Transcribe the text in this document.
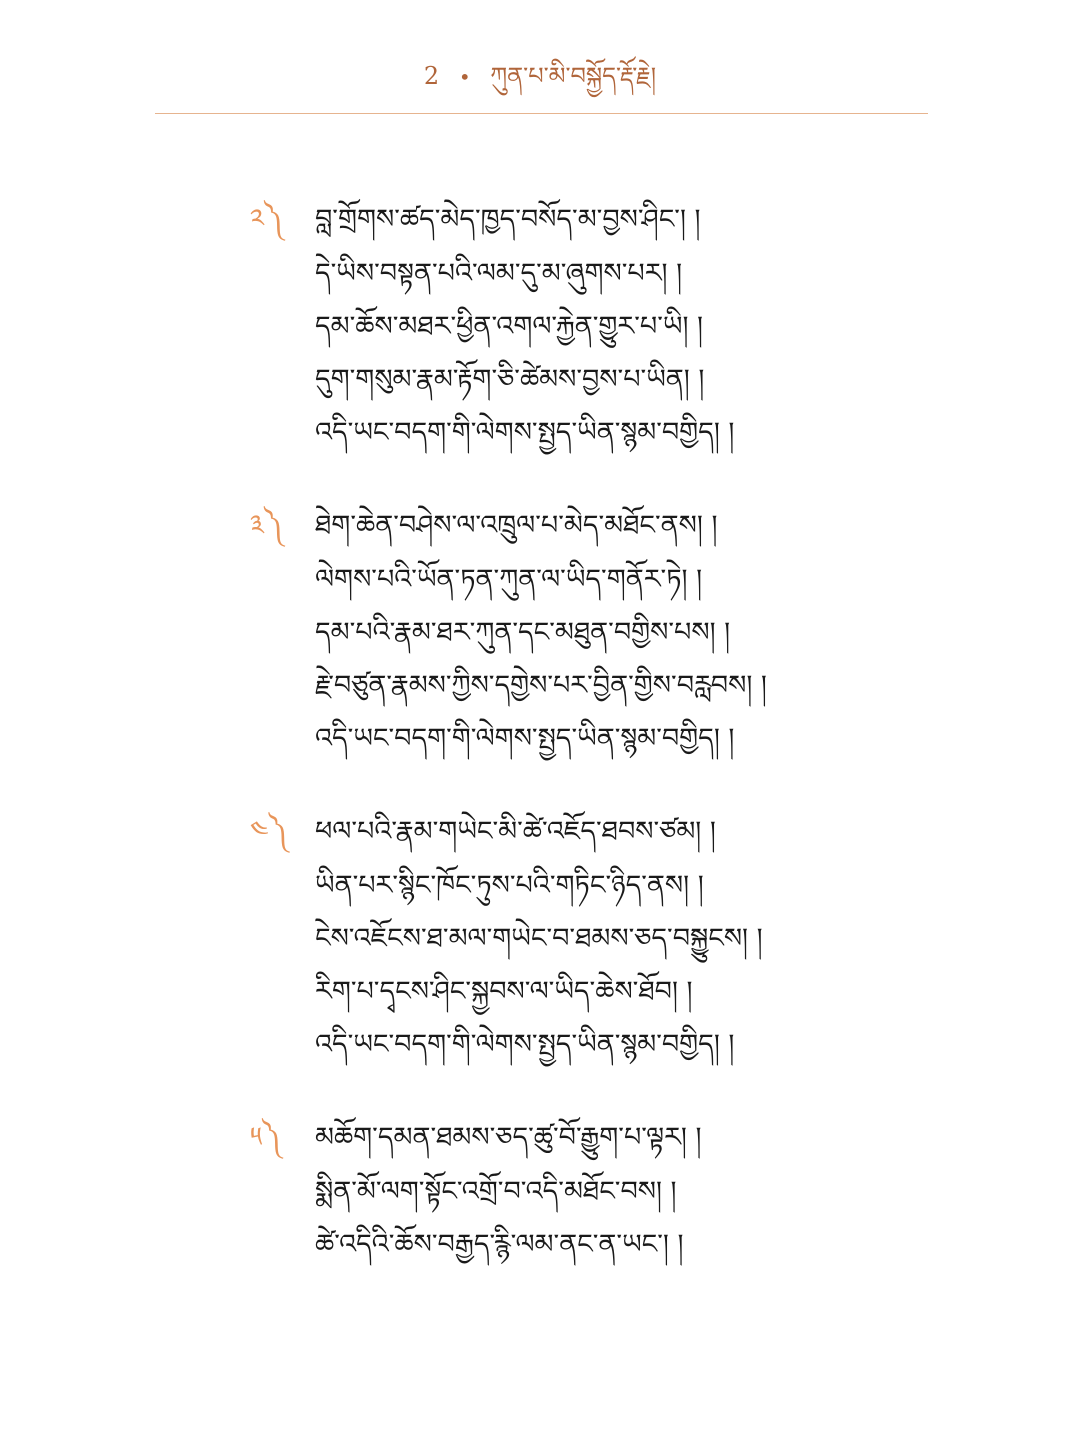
2 • ཀུན་པ་མི་བསྐྱོད་རྡོ་རྗེ།
༢༽	བླ་གྲོགས་ཚད་མེད་ཁྱད་བསོད་མ་བྱས་ཤིང་། །
དེ་ཡིས་བསྟན་པའི་ལམ་དུ་མ་ཞུགས་པར། །
དམ་ཆོས་མཐར་ཕྱིན་འགལ་རྐྱེན་གྱུར་པ་ཡི། །
དུག་གསུམ་རྣམ་རྟོག་ཅི་ཚེམས་བྱས་པ་ཡིན། །
འདི་ཡང་བདག་གི་ལེགས་སྤྱད་ཡིན་སྙམ་བགྱིད། །
༣༽	ཐེག་ཆེན་བཤེས་ལ་འཁྲུལ་པ་མེད་མཐོང་ནས། །
ལེགས་པའི་ཡོན་ཏན་ཀུན་ལ་ཡིད་གནོར་ཏེ། །
དམ་པའི་རྣམ་ཐར་ཀུན་དང་མཐུན་བགྱིས་པས། །
རྗེ་བཙུན་རྣམས་ཀྱིས་དགྱེས་པར་བྱིན་གྱིས་བརླབས། །
འདི་ཡང་བདག་གི་ལེགས་སྤྱད་ཡིན་སྙམ་བགྱིད། །
༤༽	ཕལ་པའི་རྣམ་གཡེང་མི་ཚེ་འཇོད་ཐབས་ཙམ། །
ཡིན་པར་སྙིང་ཁོང་ཏུས་པའི་གཏིང་ཉིད་ནས། །
ངེས་འཇོངས་ཐ་མལ་གཡེང་བ་ཐམས་ཅད་བསྐྱུངས། །
རིག་པ་དྭངས་ཤིང་སྐྱབས་ལ་ཡིད་ཆེས་ཐོབ། །
འདི་ཡང་བདག་གི་ལེགས་སྤྱད་ཡིན་སྙམ་བགྱིད། །
༥༽	མཆོག་དམན་ཐམས་ཅད་ཚུ་བོ་རྒྱུག་པ་ལྟར། །
སྨིན་མོ་ལག་སྟོང་འགྲོ་བ་འདི་མཐོང་བས། །
ཚེ་འདིའི་ཆོས་བརྒྱད་རྙི་ལམ་ནང་ན་ཡང་། །
